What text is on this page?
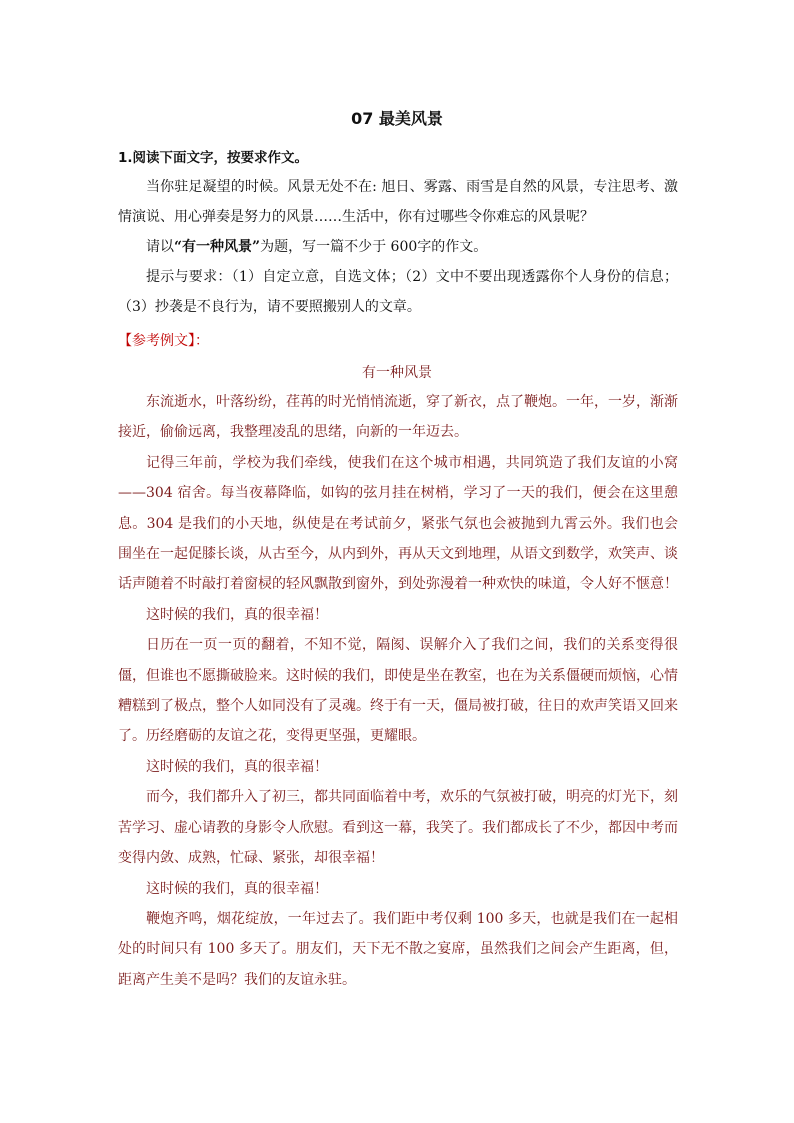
07 最美风景
1.阅读下面文字，按要求作文。

当你驻足凝望的时候。风景无处不在: 旭日、雾露、雨雪是自然的风景，专注思考、激情演说、用心弹奏是努力的风景……生活中，你有过哪些令你难忘的风景呢？

请以“有一种风景”为题，写一篇不少于 600字的作文。

提示与要求：（1）自定立意，自选文体；（2）文中不要出现透露你个人身份的信息；（3）抄袭是不良行为，请不要照搬别人的文章。

【参考例文】：
有一种风景

东流逝水，叶落纷纷，荏苒的时光悄悄流逝，穿了新衣，点了鞭炮。一年，一岁，渐渐接近，偷偷远离，我整理凌乱的思绪，向新的一年迈去。

记得三年前，学校为我们牵线，使我们在这个城市相遇，共同筑造了我们友谊的小窝——304 宿舍。每当夜幕降临，如钩的弦月挂在树梢，学习了一天的我们，便会在这里憩息。304 是我们的小天地，纵使是在考试前夕，紧张气氛也会被抛到九霄云外。我们也会围坐在一起促膝长谈，从古至今，从内到外，再从天文到地理，从语文到数学，欢笑声、谈话声随着不时敲打着窗棂的轻风飘散到窗外，到处弥漫着一种欢快的味道，令人好不惬意！

这时候的我们，真的很幸福！

日历在一页一页的翻着，不知不觉，隔阂、误解介入了我们之间，我们的关系变得很僵，但谁也不愿撕破脸来。这时候的我们，即使是坐在教室，也在为关系僵硬而烦恼，心情糟糕到了极点，整个人如同没有了灵魂。终于有一天，僵局被打破，往日的欢声笑语又回来了。历经磨砺的友谊之花，变得更坚强，更耀眼。

这时候的我们，真的很幸福！

而今，我们都升入了初三，都共同面临着中考，欢乐的气氛被打破，明亮的灯光下，刻苦学习、虚心请教的身影令人欣慰。看到这一幕，我笑了。我们都成长了不少，都因中考而变得内敛、成熟，忙碌、紧张，却很幸福！

这时候的我们，真的很幸福！

鞭炮齐鸣，烟花绽放，一年过去了。我们距中考仅剩 100 多天，也就是我们在一起相处的时间只有 100 多天了。朋友们，天下无不散之宴席，虽然我们之间会产生距离，但，距离产生美不是吗？我们的友谊永驻。
